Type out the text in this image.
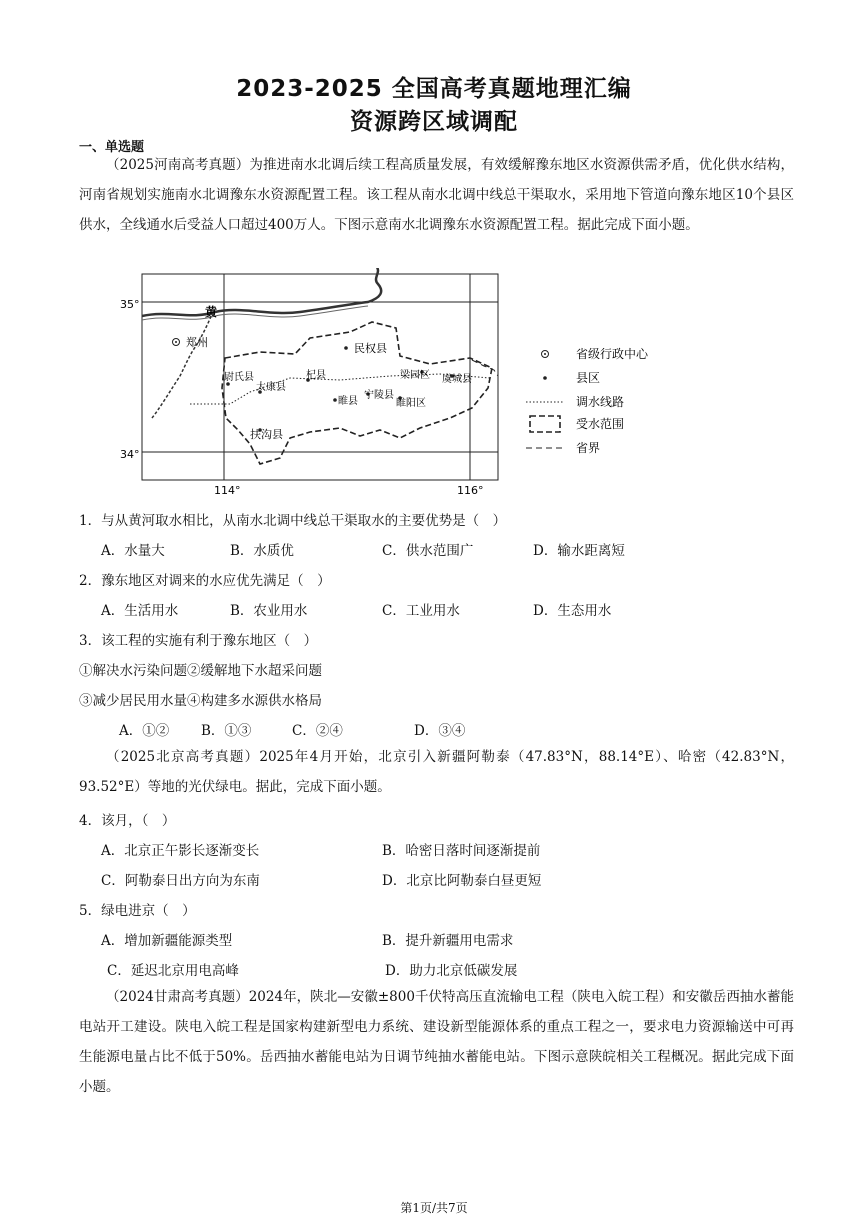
2023-2025 全国高考真题地理汇编
资源跨区域调配
一、单选题
（2025河南高考真题）为推进南水北调后续工程高质量发展，有效缓解豫东地区水资源供需矛盾，优化供水结构，河南省规划实施南水北调豫东水资源配置工程。该工程从南水北调中线总干渠取水，采用地下管道向豫东地区10个县区供水，全线通水后受益人口超过400万人。下图示意南水北调豫东水资源配置工程。据此完成下面小题。
郑州	民权县
尉氏县
太康县
杞县
睢县
宁陵县
睢阳区
梁园区 虞城县
扶沟县
黄
35°
34°
114°	116°
省级行政中心
县区
调水线路
受水范围
省界
1．与从黄河取水相比，从南水北调中线总干渠取水的主要优势是（　）
A．水量大	B．水质优	C．供水范围广	D．输水距离短
2．豫东地区对调来的水应优先满足（　）
A．生活用水	B．农业用水	C．工业用水	D．生态用水
3．该工程的实施有利于豫东地区（　）
①解决水污染问题②缓解地下水超采问题
③减少居民用水量④构建多水源供水格局
A．①② B．①③	C．②④	D．③④
（2025北京高考真题）2025年4月开始，北京引入新疆阿勒泰（47.83°N，88.14°E）、哈密（42.83°N，93.52°E）等地的光伏绿电。据此，完成下面小题。
4．该月，（　）
A．北京正午影长逐渐变长	B．哈密日落时间逐渐提前
C．阿勒泰日出方向为东南	D．北京比阿勒泰白昼更短
5．绿电进京（　）
A．增加新疆能源类型	B．提升新疆用电需求
C．延迟北京用电高峰	D．助力北京低碳发展
（2024甘肃高考真题）2024年，陕北—安徽±800千伏特高压直流输电工程（陕电入皖工程）和安徽岳西抽水蓄能电站开工建设。陕电入皖工程是国家构建新型电力系统、建设新型能源体系的重点工程之一，要求电力资源输送中可再生能源电量占比不低于50%。岳西抽水蓄能电站为日调节纯抽水蓄能电站。下图示意陕皖相关工程概况。据此完成下面小题。
第1页/共7页
